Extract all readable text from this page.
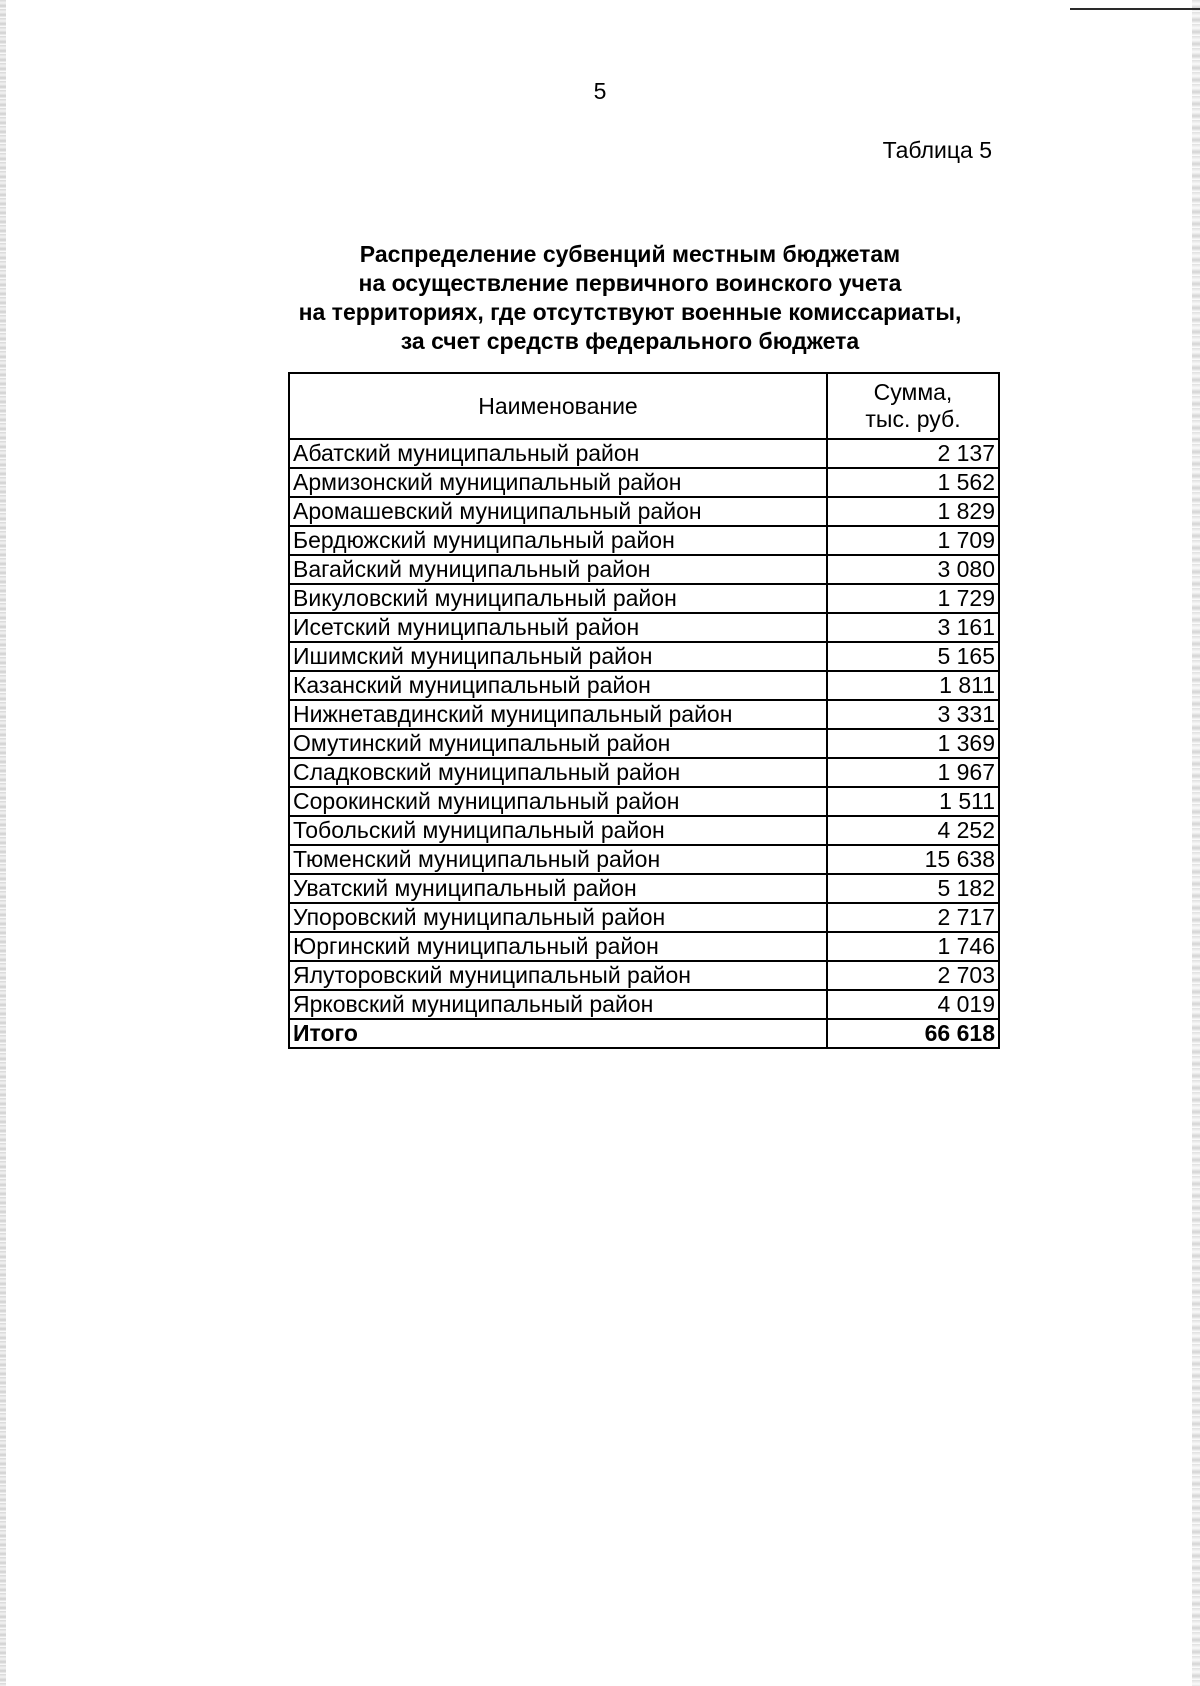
5
Таблица 5
Распределение субвенций местным бюджетам
на осуществление первичного воинского учета
на территориях, где отсутствуют военные комиссариаты,
за счет средств федерального бюджета
Наименование	Сумма,
тыс. руб.

Абатский муниципальный район	2 137
Армизонский муниципальный район	1 562
Аромашевский муниципальный район	1 829
Бердюжский муниципальный район	1 709
Вагайский муниципальный район	3 080
Викуловский муниципальный район	1 729
Исетский муниципальный район	3 161
Ишимский муниципальный район	5 165
Казанский муниципальный район	1 811
Нижнетавдинский муниципальный район	3 331
Омутинский муниципальный район	1 369
Сладковский муниципальный район	1 967
Сорокинский муниципальный район	1 511
Тобольский муниципальный район	4 252
Тюменский муниципальный район	15 638
Уватский муниципальный район	5 182
Упоровский муниципальный район	2 717
Юргинский муниципальный район	1 746
Ялуторовский муниципальный район	2 703
Ярковский муниципальный район	4 019
Итого	66 618
